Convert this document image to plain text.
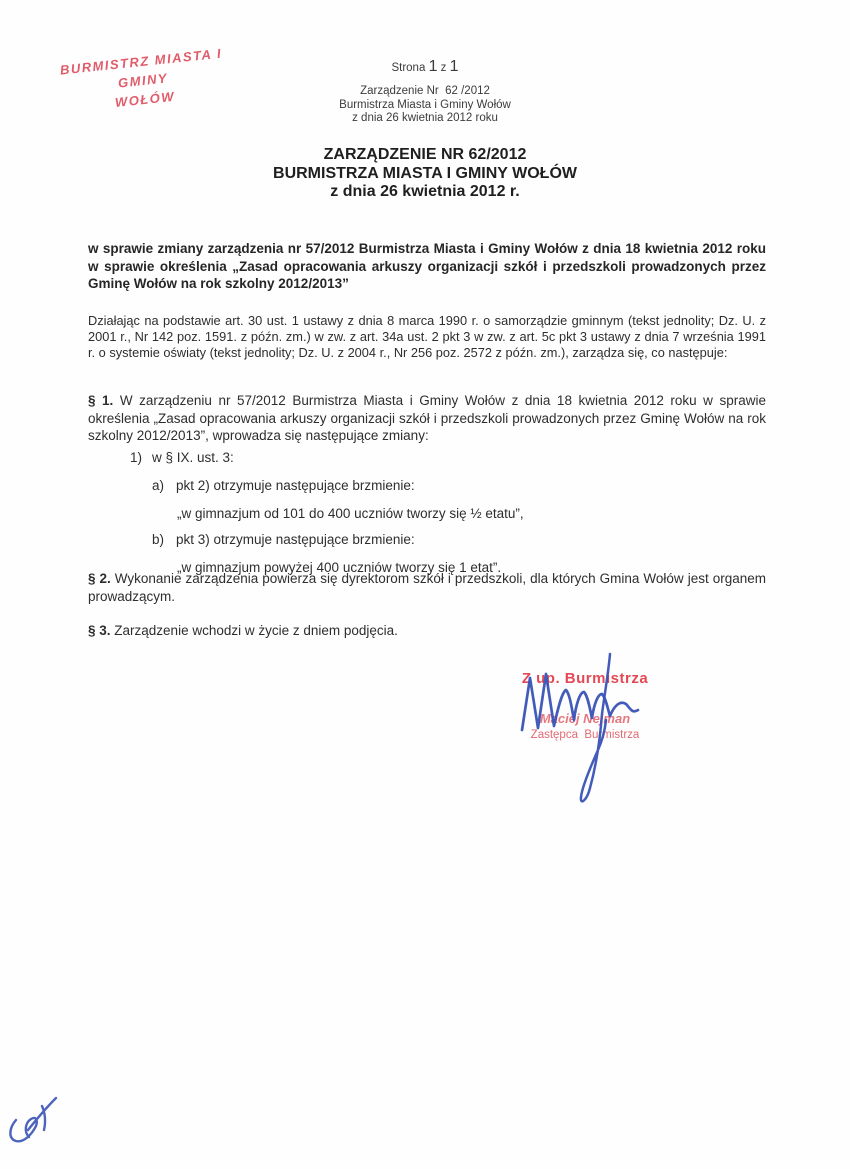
BURMISTRZ MIASTA I GMINY
WOŁÓW
Strona 1 z 1
Zarządzenie Nr  62 /2012
Burmistrza Miasta i Gminy Wołów
z dnia 26 kwietnia 2012 roku
ZARZĄDZENIE NR 62/2012
BURMISTRZA MIASTA I GMINY WOŁÓW
z dnia 26 kwietnia 2012 r.
w sprawie zmiany zarządzenia nr 57/2012 Burmistrza Miasta i Gminy Wołów z dnia 18 kwietnia 2012 roku w sprawie określenia „Zasad opracowania arkuszy organizacji szkół i przedszkoli prowadzonych przez Gminę Wołów na rok szkolny 2012/2013”
Działając na podstawie art. 30 ust. 1 ustawy z dnia 8 marca 1990 r. o samorządzie gminnym (tekst jednolity; Dz. U. z 2001 r., Nr 142 poz. 1591. z późn. zm.) w zw. z art. 34a ust. 2 pkt 3 w zw. z art. 5c pkt 3 ustawy z dnia 7 września 1991 r. o systemie oświaty (tekst jednolity; Dz. U. z 2004 r., Nr 256 poz. 2572 z późn. zm.), zarządza się, co następuje:
§ 1. W zarządzeniu nr 57/2012 Burmistrza Miasta i Gminy Wołów z dnia 18 kwietnia 2012 roku w sprawie określenia „Zasad opracowania arkuszy organizacji szkół i przedszkoli prowadzonych przez Gminę Wołów na rok szkolny 2012/2013”, wprowadza się następujące zmiany:
1) w § IX. ust. 3:
a) pkt 2) otrzymuje następujące brzmienie:
„w gimnazjum od 101 do 400 uczniów tworzy się ½ etatu”,
b) pkt 3) otrzymuje następujące brzmienie:
„w gimnazjum powyżej 400 uczniów tworzy się 1 etat”.
§ 2. Wykonanie zarządzenia powierza się dyrektorom szkół i przedszkoli, dla których Gmina Wołów jest organem prowadzącym.
§ 3. Zarządzenie wchodzi w życie z dniem podjęcia.
Z up. Burmistrza
Maciej Nejman
Zastępca  Burmistrza
